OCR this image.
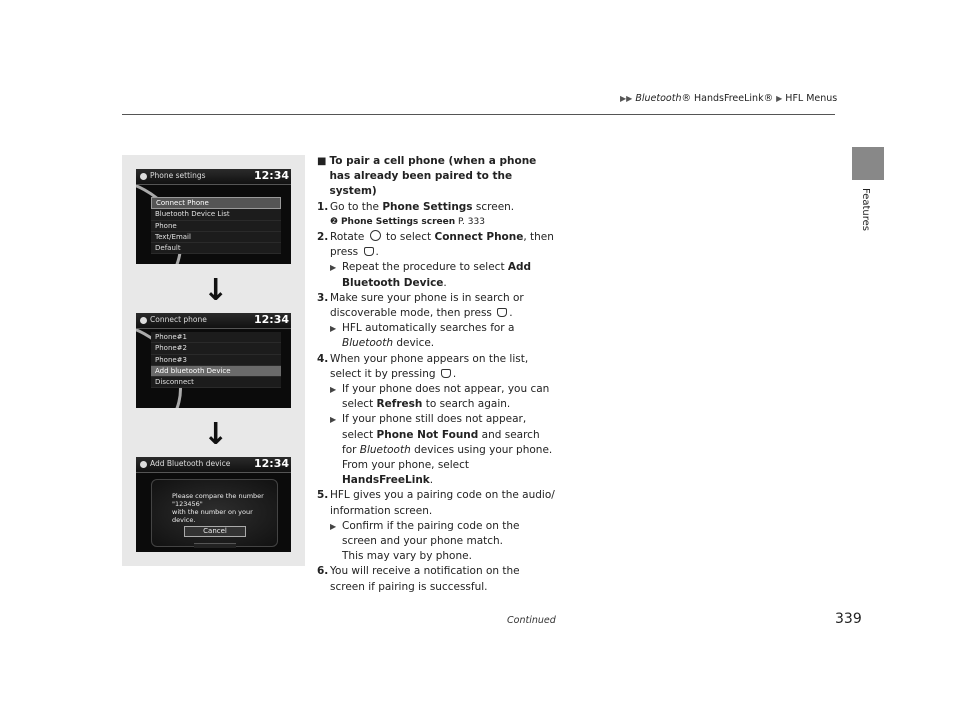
▶▶ Bluetooth® HandsFreeLink® ▶ HFL Menus
Features
Phone settings	12:34
Connect Phone
Bluetooth Device List
Phone
Text/Email
Default
↓
Connect phone	12:34
Phone#1
Phone#2
Phone#3
Add bluetooth Device
Disconnect
↓
Add Bluetooth device 12:34
Please compare the number
"123456"
with the number on your device.
Cancel

■ To pair a cell phone (when a phone has already been paired to the system)

1. Go to the Phone Settings screen.

❷ Phone Settings screen P. 333

2. Rotate  to select Connect Phone, then press .

▶ Repeat the procedure to select Add Bluetooth Device.

3. Make sure your phone is in search or discoverable mode, then press .

▶ HFL automatically searches for a Bluetooth device.

4. When your phone appears on the list, select it by pressing .

▶ If your phone does not appear, you can select Refresh to search again.

▶ If your phone still does not appear, select Phone Not Found and search for Bluetooth devices using your phone.

From your phone, select HandsFreeLink.

5. HFL gives you a pairing code on the audio/ information screen.

▶ Confirm if the pairing code on the screen and your phone match.

This may vary by phone.

6. You will receive a notification on the screen if pairing is successful.

Continued	339
